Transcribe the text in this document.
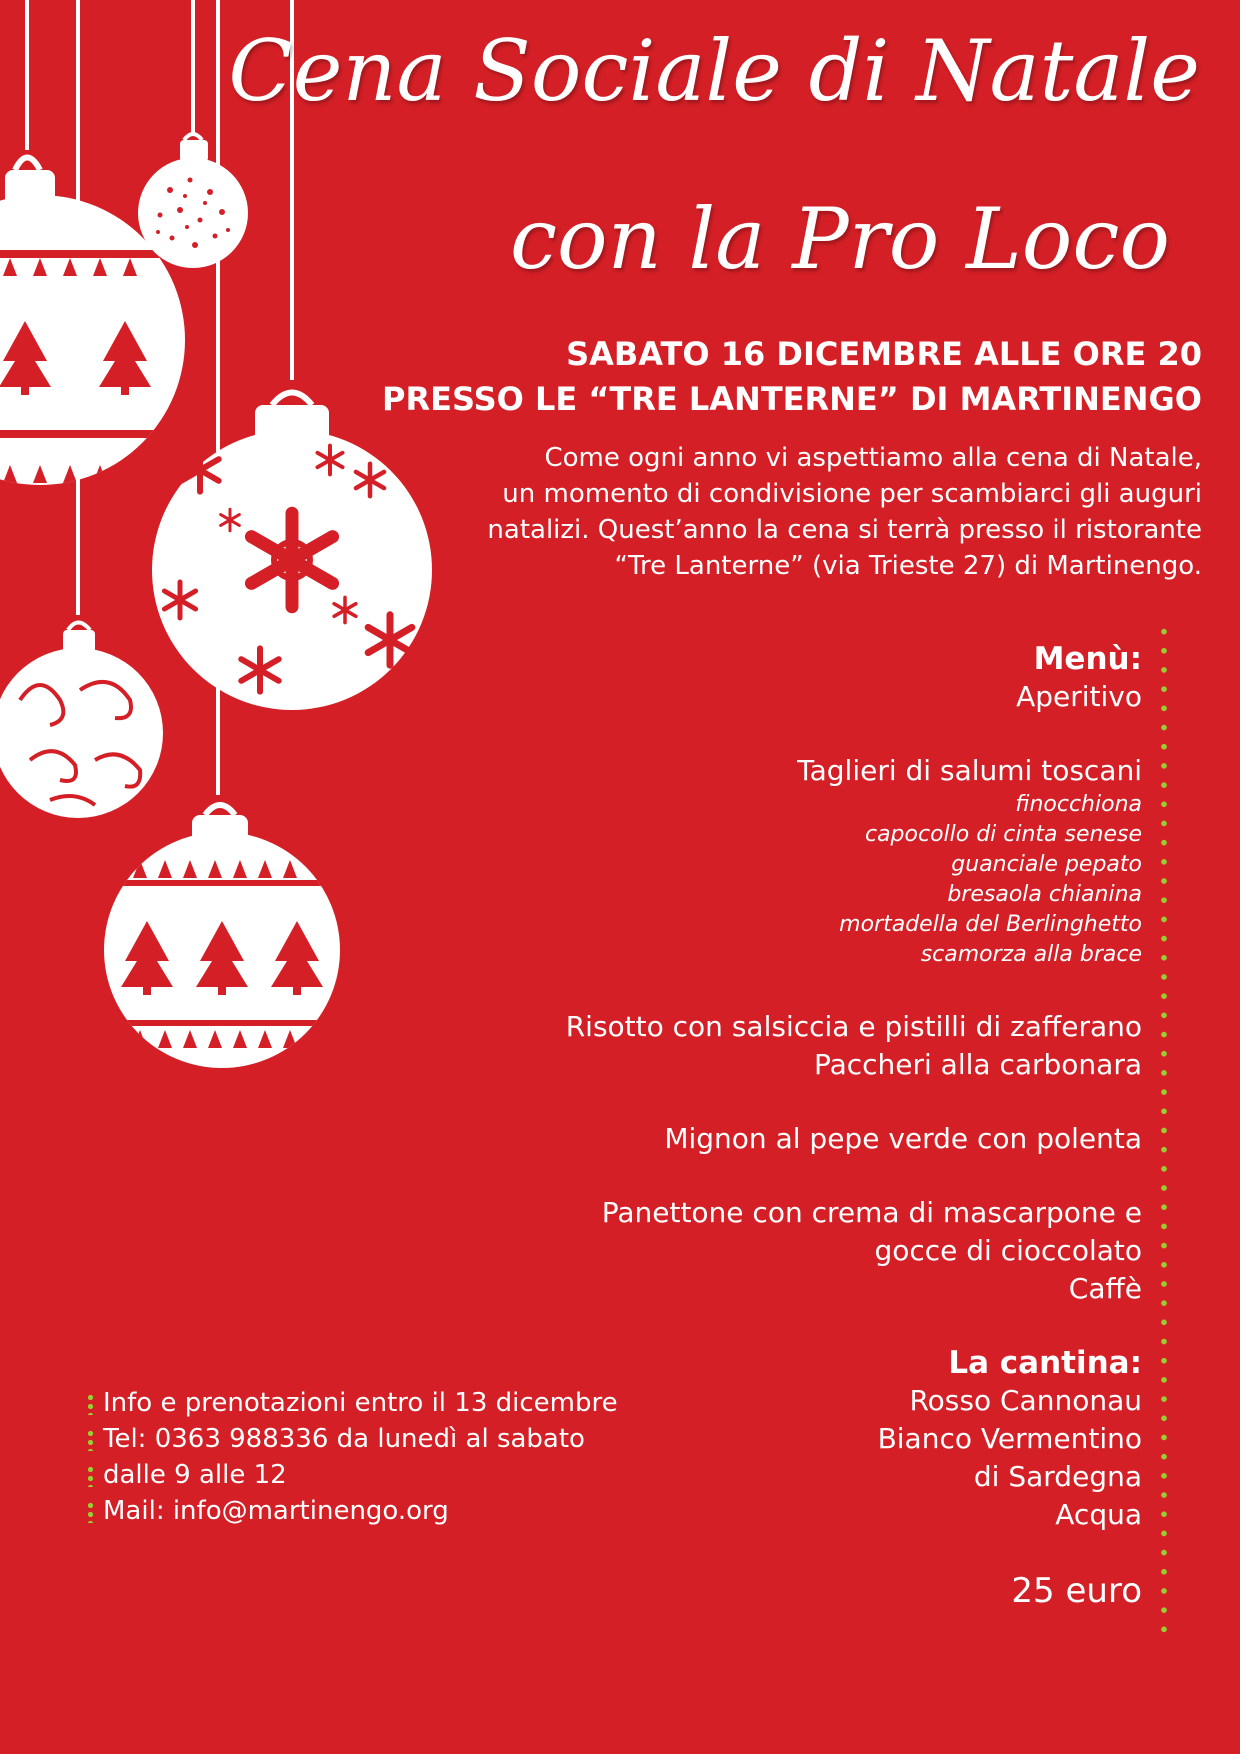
Cena Sociale di Natale
con la Pro Loco
SABATO 16 DICEMBRE ALLE ORE 20
PRESSO LE “TRE LANTERNE” DI MARTINENGO
Come ogni anno vi aspettiamo alla cena di Natale,
un momento di condivisione per scambiarci gli auguri
natalizi. Quest’anno la cena si terrà presso il ristorante
“Tre Lanterne” (via Trieste 27) di Martinengo.
Menù:
Aperitivo
Taglieri di salumi toscani
finocchiona
capocollo di cinta senese
guanciale pepato
bresaola chianina
mortadella del Berlinghetto
scamorza alla brace
Risotto con salsiccia e pistilli di zafferano
Paccheri alla carbonara
Mignon al pepe verde con polenta
Panettone con crema di mascarpone e
gocce di cioccolato
Caffè
La cantina:
Rosso Cannonau
Bianco Vermentino
di Sardegna
Acqua
25 euro
Info e prenotazioni entro il 13 dicembre
Tel: 0363 988336 da lunedì al sabato
dalle 9 alle 12
Mail: info@martinengo.org
